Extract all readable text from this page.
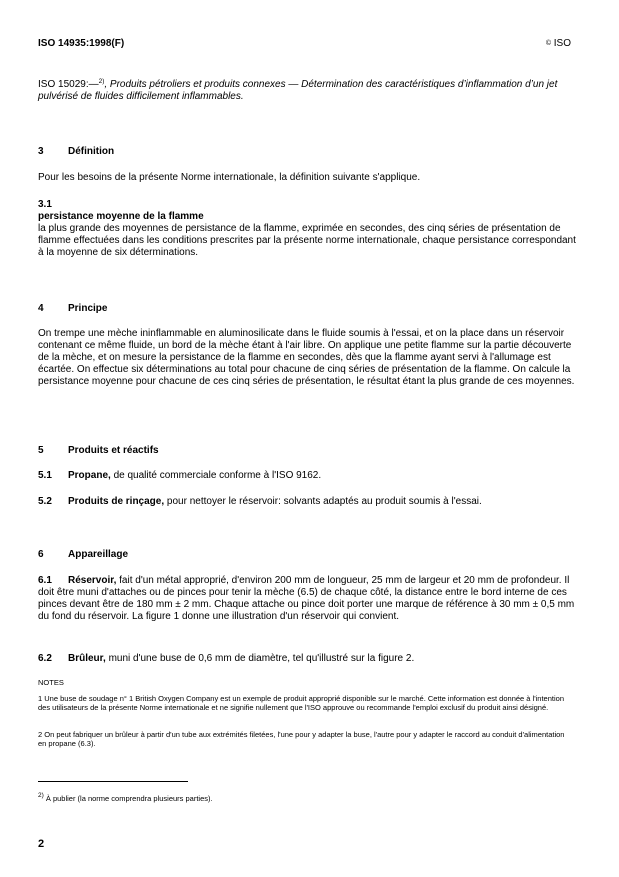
ISO 14935:1998(F)	© ISO
ISO 15029:—$^{2)}$, Produits pétroliers et produits connexes — Détermination des caractéristiques d’inflammation d’un jet pulvérisé de fluides difficilement inflammables.
3 Définition
Pour les besoins de la présente Norme internationale, la définition suivante s'applique.
3.1
persistance moyenne de la flamme
la plus grande des moyennes de persistance de la flamme, exprimée en secondes, des cinq séries de présentation de flamme effectuées dans les conditions prescrites par la présente norme internationale, chaque persistance correspondant à la moyenne de six déterminations.
4 Principe
On trempe une mèche ininflammable en aluminosilicate dans le fluide soumis à l'essai, et on la place dans un réservoir contenant ce même fluide, un bord de la mèche étant à l'air libre. On applique une petite flamme sur la partie découverte de la mèche, et on mesure la persistance de la flamme en secondes, dès que la flamme ayant servi à l'allumage est écartée. On effectue six déterminations au total pour chacune de cinq séries de présentation de la flamme. On calcule la persistance moyenne pour chacune de ces cinq séries de présentation, le résultat étant la plus grande de ces moyennes.
5 Produits et réactifs
5.1 Propane, de qualité commerciale conforme à l'ISO 9162.
5.2 Produits de rinçage, pour nettoyer le réservoir: solvants adaptés au produit soumis à l'essai.
6 Appareillage
6.1 Réservoir, fait d'un métal approprié, d'environ 200 mm de longueur, 25 mm de largeur et 20 mm de profondeur. Il doit être muni d'attaches ou de pinces pour tenir la mèche (6.5) de chaque côté, la distance entre le bord interne de ces pinces devant être de 180 mm ± 2 mm. Chaque attache ou pince doit porter une marque de référence à 30 mm ± 0,5 mm du fond du réservoir. La figure 1 donne une illustration d'un réservoir qui convient.
6.2 Brûleur, muni d'une buse de 0,6 mm de diamètre, tel qu'illustré sur la figure 2.
NOTES
1 Une buse de soudage n° 1 British Oxygen Company est un exemple de produit approprié disponible sur le marché. Cette information est donnée à l'intention des utilisateurs de la présente Norme internationale et ne signifie nullement que l'ISO approuve ou recommande l'emploi exclusif du produit ainsi désigné.
2 On peut fabriquer un brûleur à partir d'un tube aux extrémités filetées, l'une pour y adapter la buse, l'autre pour y adapter le raccord au conduit d'alimentation en propane (6.3).
$^{2)}$ À publier (la norme comprendra plusieurs parties).
2
